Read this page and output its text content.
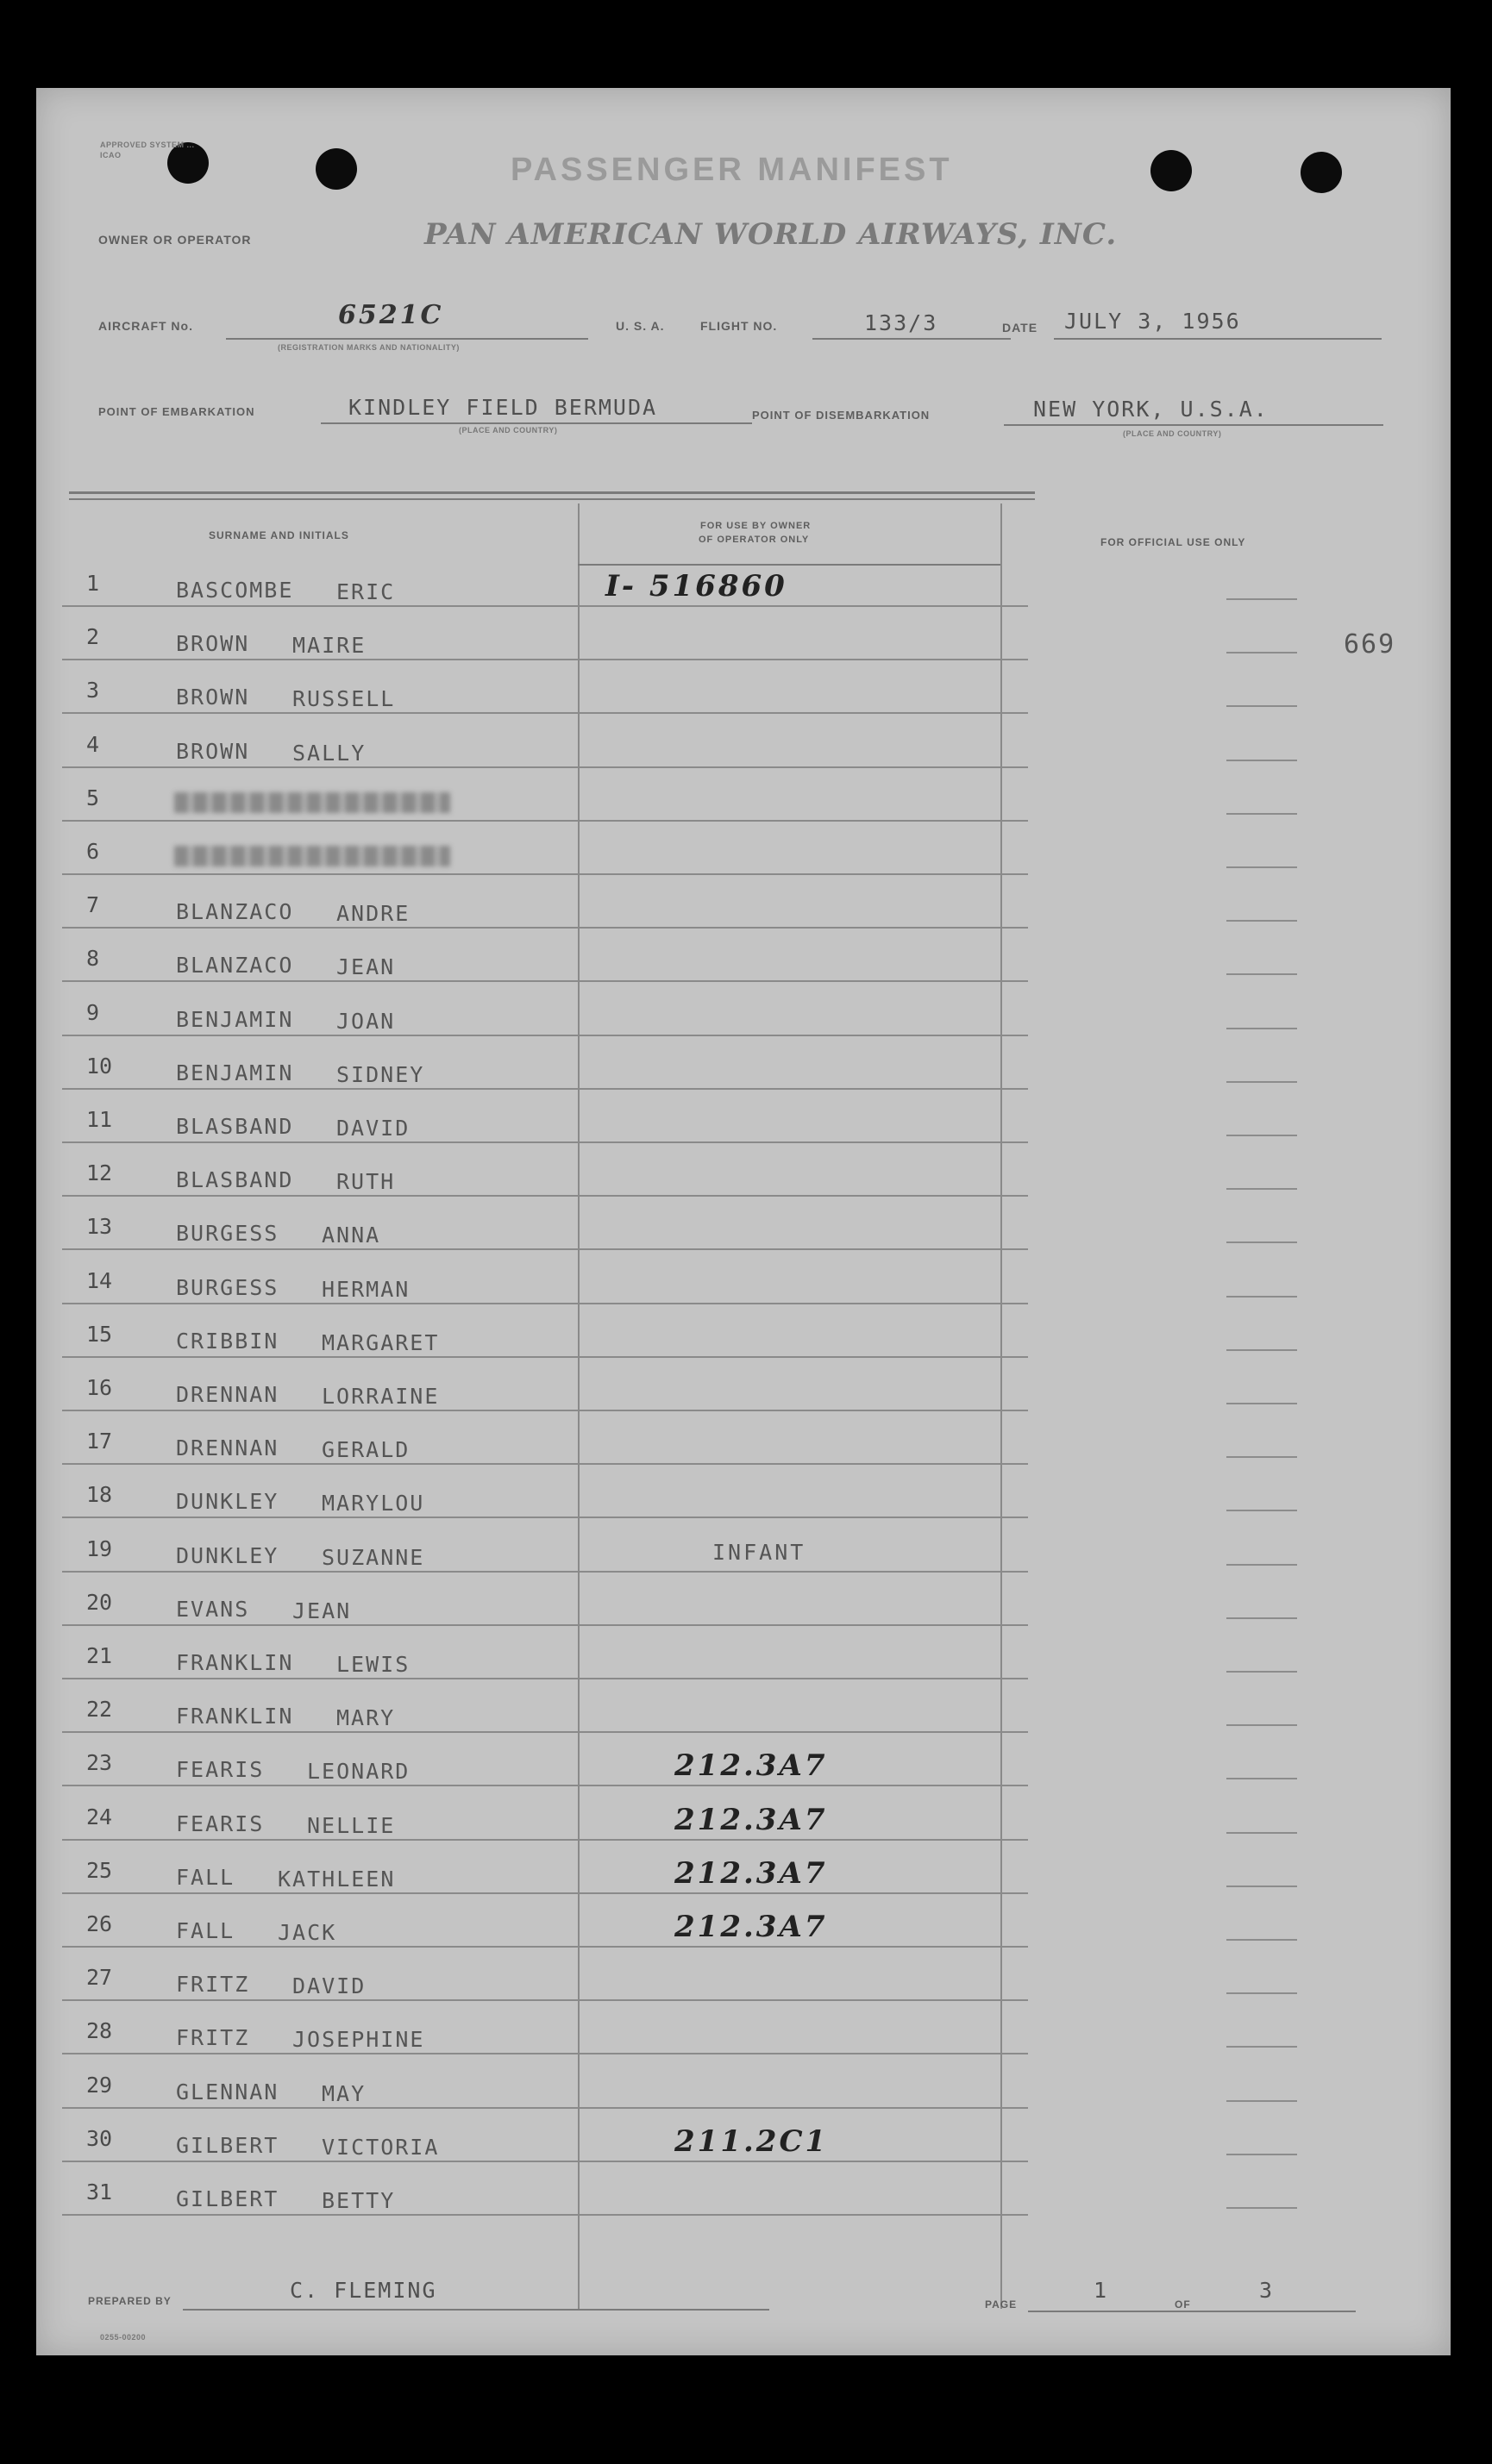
APPROVED SYSTEM ... ICAO	PASSENGER MANIFEST
OWNER OR OPERATOR	PAN AMERICAN WORLD AIRWAYS, INC.
AIRCRAFT No.	6521C
(REGISTRATION MARKS AND NATIONALITY)
U. S. A.	FLIGHT NO.	133/3	DATE JULY 3, 1956
POINT OF EMBARKATION	KINDLEY FIELD BERMUDA
(PLACE AND COUNTRY)
POINT OF DISEMBARKATION	NEW YORK, U.S.A.
(PLACE AND COUNTRY)
669
SURNAME AND INITIALS
FOR USE BY OWNER
OF OPERATOR ONLY	FOR OFFICIAL USE ONLY
1	BASCOMBE ERIC	I- 516860
2	BROWN MAIRE
3	BROWN RUSSELL
4	BROWN SALLY
5
6
7	BLANZACO ANDRE
8	BLANZACO JEAN
9	BENJAMIN JOAN
10	BENJAMIN SIDNEY
11	BLASBAND DAVID
12	BLASBAND RUTH
13	BURGESS ANNA
14	BURGESS HERMAN
15	CRIBBIN MARGARET
16	DRENNAN LORRAINE
17	DRENNAN GERALD
18	DUNKLEY MARYLOU
19	DUNKLEY SUZANNE	INFANT
20	EVANS JEAN
21	FRANKLIN LEWIS
22	FRANKLIN MARY
23	FEARIS LEONARD	212.3A7
24	FEARIS NELLIE	212.3A7
25	FALL KATHLEEN	212.3A7
26	FALL JACK	212.3A7
27	FRITZ DAVID
28	FRITZ JOSEPHINE
29	GLENNAN MAY
30	GILBERT VICTORIA	211.2C1
31	GILBERT BETTY
PREPARED BY	C. FLEMING
PAGE
1
OF
3
0255-00200
